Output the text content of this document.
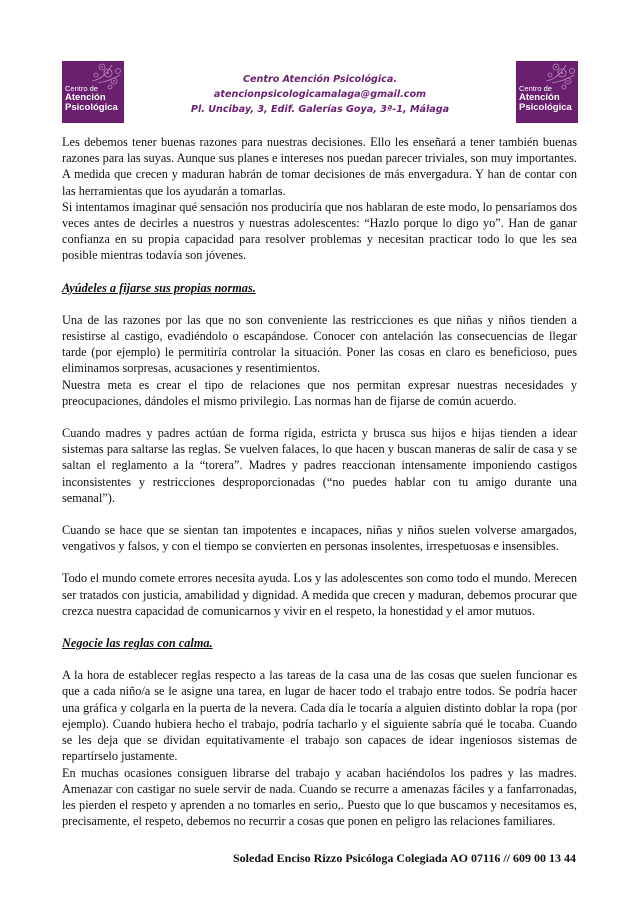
Centro de
Atención
Psicológica
Centro Atención Psicológica.
atencionpsicologicamalaga@gmail.com
Pl. Uncibay, 3, Edif. Galerías Goya, 3ª-1, Málaga
Centro de
Atención
Psicológica

Les debemos tener buenas razones para nuestras decisiones. Ello les enseñará a tener también buenas razones para las suyas. Aunque sus planes e intereses nos puedan parecer triviales, son muy importantes. A medida que crecen y maduran habrán de tomar decisiones de más envergadura. Y han de contar con las herramientas que los ayudarán a tomarlas.

Si intentamos imaginar qué sensación nos produciría que nos hablaran de este modo, lo pensaríamos dos veces antes de decirles a nuestros y nuestras adolescentes: “Hazlo porque lo digo yo”. Han de ganar confianza en su propia capacidad para resolver problemas y necesitan practicar todo lo que les sea posible mientras todavía son jóvenes.

Ayúdeles a fijarse sus propias normas.

Una de las razones por las que no son conveniente las restricciones es que niñas y niños tienden a resistirse al castigo, evadiéndolo o escapándose. Conocer con antelación las consecuencias de llegar tarde (por ejemplo) le permitiría controlar la situación. Poner las cosas en claro es beneficioso, pues eliminamos sorpresas, acusaciones y resentimientos.

Nuestra meta es crear el tipo de relaciones que nos permitan expresar nuestras necesidades y preocupaciones, dándoles el mismo privilegio. Las normas han de fijarse de común acuerdo.

Cuando madres y padres actúan de forma rígida, estricta y brusca sus hijos e hijas tienden a idear sistemas para saltarse las reglas. Se vuelven falaces, lo que hacen y buscan maneras de salir de casa y se saltan el reglamento a la “torera”. Madres y padres reaccionan intensamente imponiendo castigos inconsistentes y restricciones desproporcionadas (“no puedes hablar con tu amigo durante una semanal”).

Cuando se hace que se sientan tan impotentes e incapaces, niñas y niños suelen volverse amargados, vengativos y falsos, y con el tiempo se convierten en personas insolentes, irrespetuosas e insensibles.

Todo el mundo comete errores necesita ayuda. Los y las adolescentes son como todo el mundo. Merecen ser tratados con justicia, amabilidad y dignidad. A medida que crecen y maduran, debemos procurar que crezca nuestra capacidad de comunicarnos y vivir en el respeto, la honestidad y el amor mutuos.

Negocie las reglas con calma.

A la hora de establecer reglas respecto a las tareas de la casa una de las cosas que suelen funcionar es que a cada niño/a se le asigne una tarea, en lugar de hacer todo el trabajo entre todos. Se podría hacer una gráfica y colgarla en la puerta de la nevera. Cada día le tocaría a alguien distinto doblar la ropa (por ejemplo). Cuando hubiera hecho el trabajo, podría tacharlo y el siguiente sabría qué le tocaba. Cuando se les deja que se dividan equitativamente el trabajo son capaces de idear ingeniosos sistemas de repartírselo justamente.

En muchas ocasiones consiguen librarse del trabajo y acaban haciéndolos los padres y las madres. Amenazar con castigar no suele servir de nada. Cuando se recurre a amenazas fáciles y a fanfarronadas, les pierden el respeto y aprenden a no tomarles en serio,. Puesto que lo que buscamos y necesitamos es, precisamente, el respeto, debemos no recurrir a cosas que ponen en peligro las relaciones familiares.

Soledad Enciso Rizzo Psicóloga Colegiada AO 07116 // 609 00 13 44
